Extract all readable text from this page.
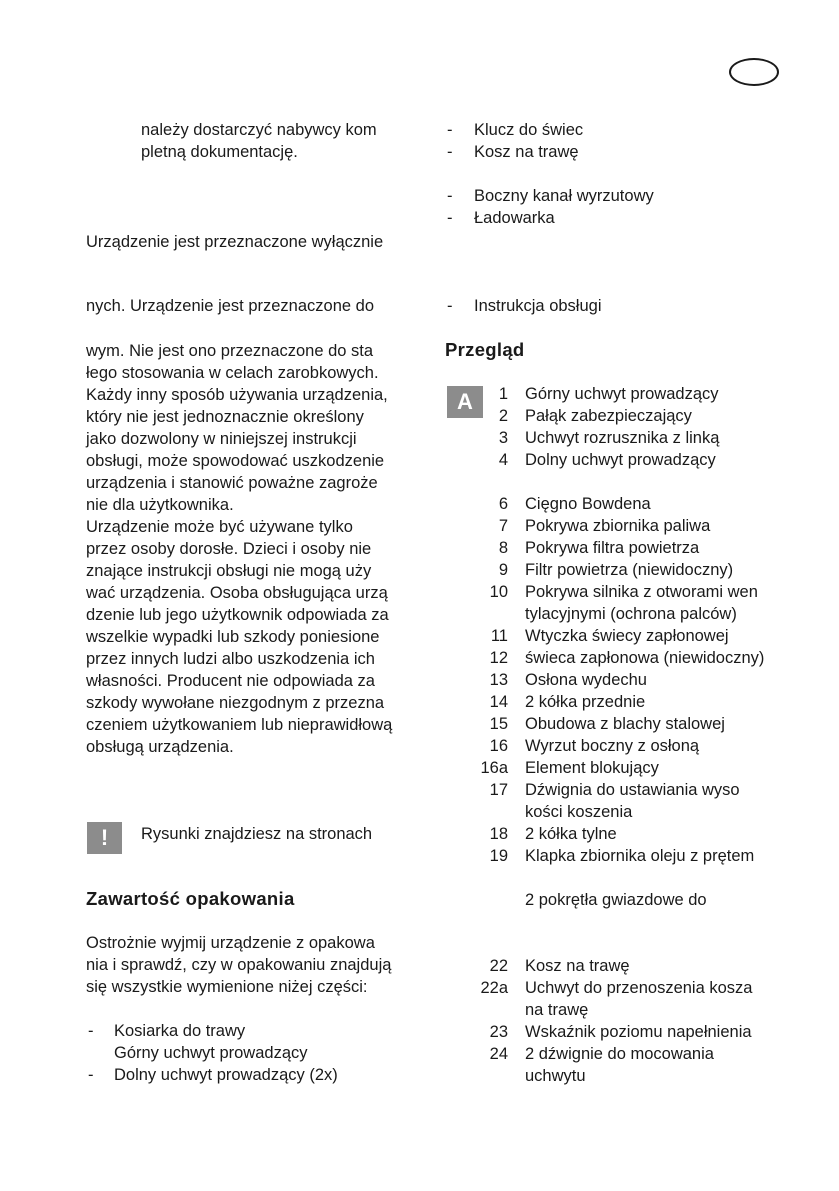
należy dostarczyć nabywcy kom
pletną dokumentację.
Urządzenie jest przeznaczone wyłącznie
nych. Urządzenie jest przeznaczone do
wym. Nie jest ono przeznaczone do sta
łego stosowania w celach zarobkowych.
Każdy inny sposób używania urządzenia,
który nie jest jednoznacznie określony
jako dozwolony w niniejszej instrukcji
obsługi, może spowodować uszkodzenie
urządzenia i stanowić poważne zagroże
nie dla użytkownika.
Urządzenie może być używane tylko
przez osoby dorosłe. Dzieci i osoby nie
znające instrukcji obsługi nie mogą uży
wać urządzenia. Osoba obsługująca urzą
dzenie lub jego użytkownik odpowiada za
wszelkie wypadki lub szkody poniesione
przez innych ludzi albo uszkodzenia ich
własności. Producent nie odpowiada za
szkody wywołane niezgodnym z przezna
czeniem użytkowaniem lub nieprawidłową
obsługą urządzenia.
!	Rysunki znajdziesz na stronach
Zawartość opakowania
Ostrożnie wyjmij urządzenie z opakowa
nia i sprawdź, czy w opakowaniu znajdują
się wszystkie wymienione niżej części:
- Kosiarka do trawy
Górny uchwyt prowadzący
- Dolny uchwyt prowadzący (2x)
- Klucz do świec
- Kosz na trawę
- Boczny kanał wyrzutowy
- Ładowarka
- Instrukcja obsługi
Przegląd
A	1 Górny uchwyt prowadzący
2 Pałąk zabezpieczający
3 Uchwyt rozrusznika z linką
4 Dolny uchwyt prowadzący
6 Cięgno Bowdena
7 Pokrywa zbiornika paliwa
8 Pokrywa filtra powietrza
9 Filtr powietrza (niewidoczny)
10 Pokrywa silnika z otworami wen
tylacyjnymi (ochrona palców)
11 Wtyczka świecy zapłonowej
12 świeca zapłonowa (niewidoczny)
13 Osłona wydechu
14 2 kółka przednie
15 Obudowa z blachy stalowej
16 Wyrzut boczny z osłoną
16a Element blokujący
17 Dźwignia do ustawiania wyso
kości koszenia
18 2 kółka tylne
19 Klapka zbiornika oleju z prętem
2 pokrętła gwiazdowe do
22 Kosz na trawę
22a Uchwyt do przenoszenia kosza
na trawę
23 Wskaźnik poziomu napełnienia
24 2 dźwignie do mocowania
uchwytu
